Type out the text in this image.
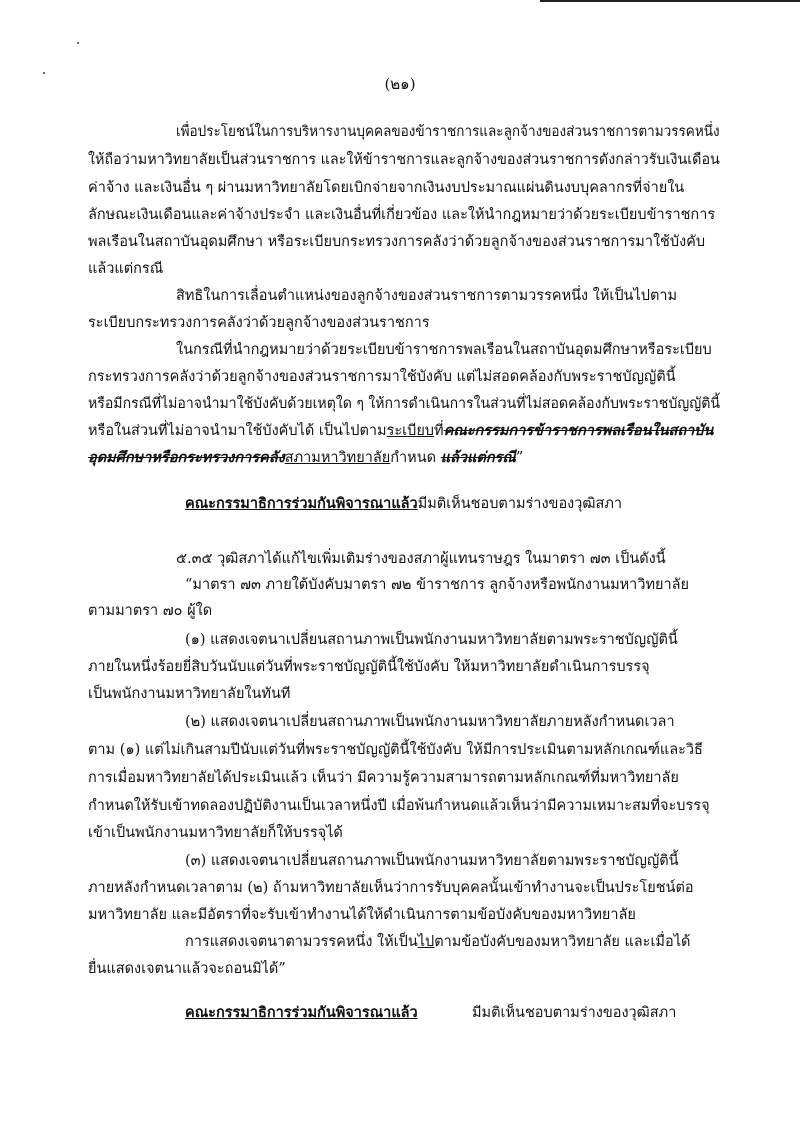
(๒๑)
เพื่อประโยชน์ในการบริหารงานบุคคลของข้าราชการและลูกจ้างของส่วนราชการตามวรรคหนึ่ง
ให้ถือว่ามหาวิทยาลัยเป็นส่วนราชการ และให้ข้าราชการและลูกจ้างของส่วนราชการดังกล่าวรับเงินเดือน
ค่าจ้าง และเงินอื่น ๆ ผ่านมหาวิทยาลัยโดยเบิกจ่ายจากเงินงบประมาณแผ่นดินงบบุคลากรที่จ่ายใน
ลักษณะเงินเดือนและค่าจ้างประจำ และเงินอื่นที่เกี่ยวข้อง และให้นำกฎหมายว่าด้วยระเบียบข้าราชการ
พลเรือนในสถาบันอุดมศึกษา หรือระเบียบกระทรวงการคลังว่าด้วยลูกจ้างของส่วนราชการมาใช้บังคับ
แล้วแต่กรณี
สิทธิในการเลื่อนตำแหน่งของลูกจ้างของส่วนราชการตามวรรคหนึ่ง ให้เป็นไปตาม
ระเบียบกระทรวงการคลังว่าด้วยลูกจ้างของส่วนราชการ
ในกรณีที่นำกฎหมายว่าด้วยระเบียบข้าราชการพลเรือนในสถาบันอุดมศึกษาหรือระเบียบ
กระทรวงการคลังว่าด้วยลูกจ้างของส่วนราชการมาใช้บังคับ แต่ไม่สอดคล้องกับพระราชบัญญัตินี้
หรือมีกรณีที่ไม่อาจนำมาใช้บังคับด้วยเหตุใด ๆ ให้การดำเนินการในส่วนที่ไม่สอดคล้องกับพระราชบัญญัตินี้
หรือในส่วนที่ไม่อาจนำมาใช้บังคับได้ เป็นไปตามระเบียบที่คณะกรรมการข้าราชการพลเรือนในสถาบัน
อุดมศึกษาหรือกระทรวงการคลังสภามหาวิทยาลัยกำหนด แล้วแต่กรณี”
คณะกรรมาธิการร่วมกันพิจารณาแล้วมีมติเห็นชอบตามร่างของวุฒิสภา
๕.๓๕ วุฒิสภาได้แก้ไขเพิ่มเติมร่างของสภาผู้แทนราษฎร ในมาตรา ๗๓ เป็นดังนี้
“มาตรา ๗๓ ภายใต้บังคับมาตรา ๗๒ ข้าราชการ ลูกจ้างหรือพนักงานมหาวิทยาลัย
ตามมาตรา ๗๐ ผู้ใด
(๑) แสดงเจตนาเปลี่ยนสถานภาพเป็นพนักงานมหาวิทยาลัยตามพระราชบัญญัตินี้
ภายในหนึ่งร้อยยี่สิบวันนับแต่วันที่พระราชบัญญัตินี้ใช้บังคับ ให้มหาวิทยาลัยดำเนินการบรรจุ
เป็นพนักงานมหาวิทยาลัยในทันที
(๒) แสดงเจตนาเปลี่ยนสถานภาพเป็นพนักงานมหาวิทยาลัยภายหลังกำหนดเวลา
ตาม (๑) แต่ไม่เกินสามปีนับแต่วันที่พระราชบัญญัตินี้ใช้บังคับ ให้มีการประเมินตามหลักเกณฑ์และวิธี
การเมื่อมหาวิทยาลัยได้ประเมินแล้ว เห็นว่า มีความรู้ความสามารถตามหลักเกณฑ์ที่มหาวิทยาลัย
กำหนดให้รับเข้าทดลองปฏิบัติงานเป็นเวลาหนึ่งปี เมื่อพ้นกำหนดแล้วเห็นว่ามีความเหมาะสมที่จะบรรจุ
เข้าเป็นพนักงานมหาวิทยาลัยก็ให้บรรจุได้
(๓) แสดงเจตนาเปลี่ยนสถานภาพเป็นพนักงานมหาวิทยาลัยตามพระราชบัญญัตินี้
ภายหลังกำหนดเวลาตาม (๒) ถ้ามหาวิทยาลัยเห็นว่าการรับบุคคลนั้นเข้าทำงานจะเป็นประโยชน์ต่อ
มหาวิทยาลัย และมีอัตราที่จะรับเข้าทำงานได้ให้ดำเนินการตามข้อบังคับของมหาวิทยาลัย
การแสดงเจตนาตามวรรคหนึ่ง ให้เป็นไปตามข้อบังคับของมหาวิทยาลัย และเมื่อได้
ยื่นแสดงเจตนาแล้วจะถอนมิได้”
คณะกรรมาธิการร่วมกันพิจารณาแล้ว	มีมติเห็นชอบตามร่างของวุฒิสภา
